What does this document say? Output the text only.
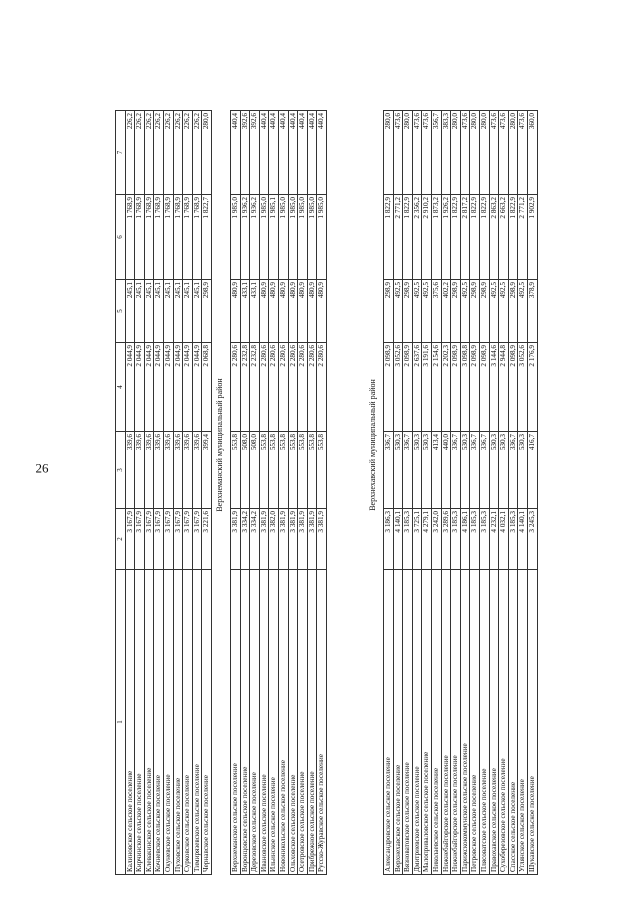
26
1	2	3	4	5	6	7
Калиновское сельское поселение	3 167,9	339,6	2 044,9	245,1	1 768,9	226,2
Кирчинское сельское поселение	3 167,9	339,6	2 044,9	245,1	1 768,9	226,2
Клевакинское сельское поселение	3 167,9	339,6	2 044,9	245,1	1 768,9	226,2
Кочневское сельское поселение	3 167,9	339,6	2 044,9	245,1	1 768,9	226,2
Окуневское сельское поселение	3 167,9	339,6	2 044,9	245,1	1 768,9	226,2
Пуховское сельское поселение	3 167,9	339,6	2 044,9	245,1	1 768,9	226,2
Сурковское сельское поселение	3 167,9	339,6	2 044,9	245,1	1 768,9	226,2
Тимирязевское сельское поселение	3 167,9	339,6	2 044,9	245,1	1 768,9	226,2
Чернавское сельское поселение	3 221,6	399,4	2 068,8	298,9	1 822,7	280,0
Верхнеманский муниципальный район
Верхнеманское сельское поселение	3 381,9	553,8	2 280,6	480,9	1 985,0	440,4
Воронцовское сельское поселение	3 334,2	508,0	2 232,8	433,1	1 936,2	392,6
Дерезовское сельское поселение	3 334,2	508,0	2 232,8	433,1	1 936,2	392,6
Ивановское сельское поселение	3 381,9	553,8	2 280,6	480,9	1 985,0	440,4
Ильинское сельское поселение	3 382,0	553,8	2 280,6	480,9	1 985,1	440,4
Новоникольское сельское поселение	3 381,9	553,8	2 280,6	480,9	1 985,0	440,4
Ольховское сельское поселение	3 381,9	553,8	2 280,6	480,9	1 985,0	440,4
Осетровское сельское поселение	3 381,9	553,8	2 280,6	480,9	1 985,0	440,4
Прибрежное сельское поселение	3 381,9	553,8	2 280,6	480,9	1 985,0	440,4
Русско-Журавское сельское поселение	3 381,9	553,8	2 280,6	480,9	1 985,0	440,4
Верхнехавский муниципальный район
Александровское сельское поселение	3 186,3	336,7	2 098,9	298,9	1 822,9	280,0
Верхнехавское сельское поселение	4 140,1	530,3	3 052,6	492,5	2 771,2	473,6
Вязноватовское сельское поселение	3 185,3	336,7	2 098,9	298,9	1 822,9	280,0
Дмитриевское сельское поселение	3 725,1	530,3	2 637,6	492,5	2 356,2	473,6
Малоприваловское сельское поселение	4 279,1	530,3	3 191,6	492,5	2 910,2	473,6
Николаевское сельское поселение	3 242,0	413,4	2 154,6	375,6	1 873,2	356,7
Нижнебайгорское сельское поселение	3 289,6	440,0	2 202,3	402,2	1 926,2	383,3
Нижнебайгорское сельское поселение	3 185,3	336,7	2 098,9	298,9	1 822,9	280,0
Парижскокоммунское сельское поселение	4 186,1	530,3	3 098,8	492,5	2 817,2	473,6
Петровское сельское поселение	3 185,3	336,7	2 098,9	298,9	1 822,9	280,0
Плясоватское сельское поселение	3 185,3	336,7	2 098,9	298,9	1 822,9	280,0
Правохавское сельское поселение	4 232,1	530,3	3 144,6	492,5	2 863,2	473,6
Сухоберезовское сельское поселение	4 032,1	530,3	2 944,8	492,5	2 663,2	473,6
Спасское сельское поселение	3 185,3	336,7	2 098,9	298,9	1 822,9	280,0
Углянское сельское поселение	4 140,1	530,3	3 052,6	492,5	2 771,2	473,6
Шукавское сельское поселение	3 245,3	416,7	2 176,9	378,9	1 902,9	360,0
